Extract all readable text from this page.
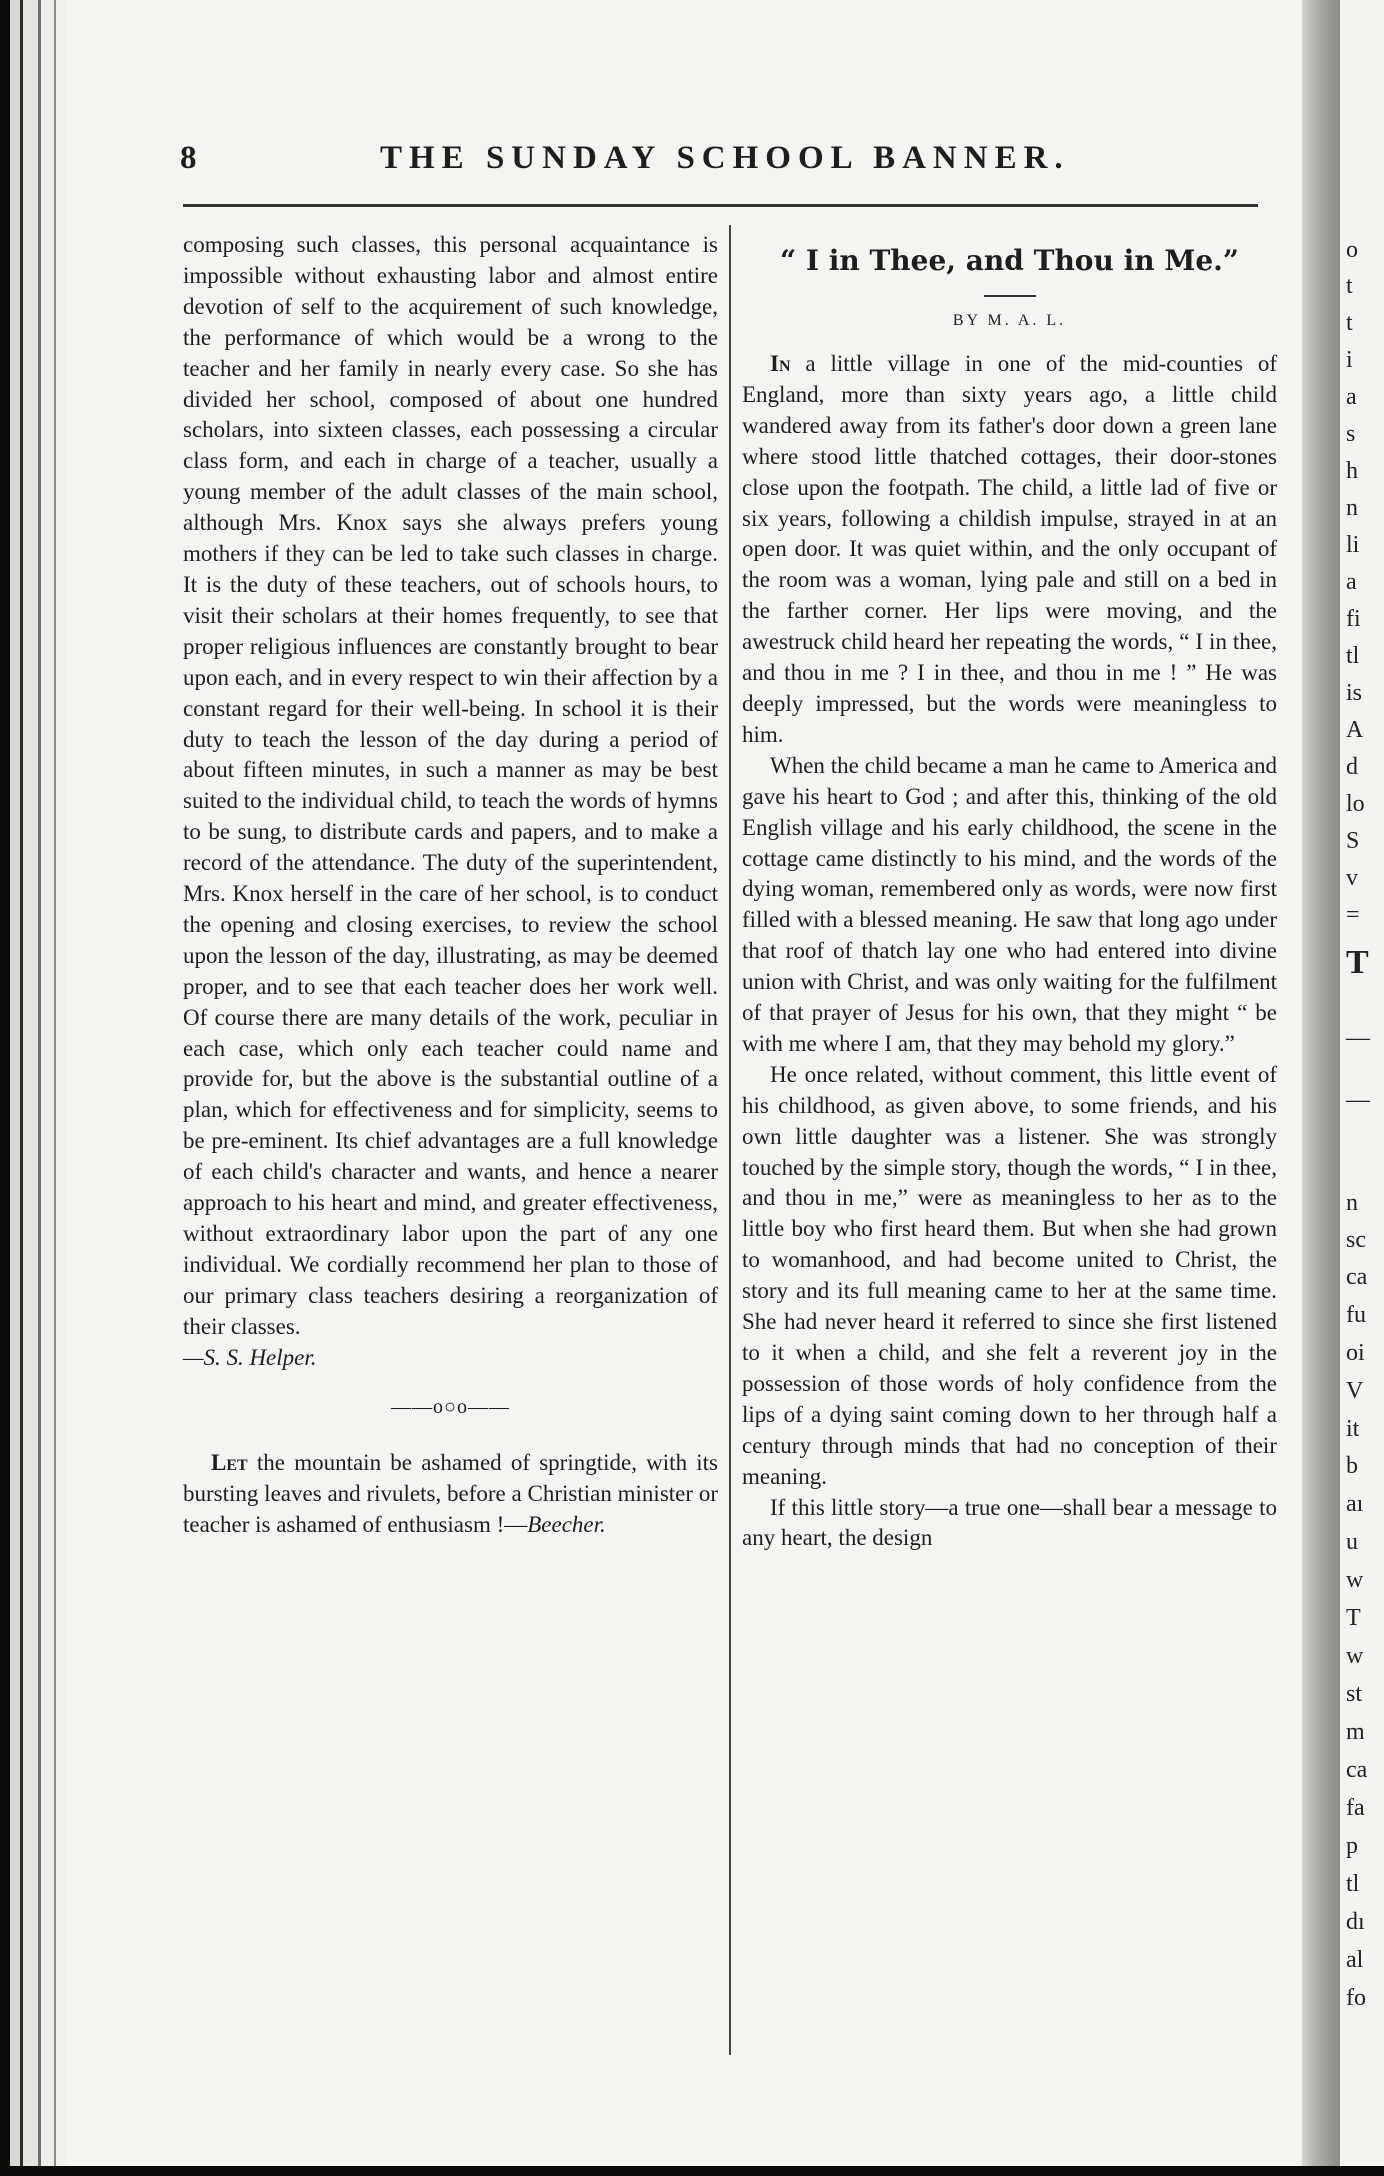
8	THE SUNDAY SCHOOL BANNER.

composing such classes, this personal acquaintance is impossible without exhausting labor and almost entire devotion of self to the acquirement of such knowledge, the performance of which would be a wrong to the teacher and her family in nearly every case. So she has divided her school, composed of about one hundred scholars, into sixteen classes, each possessing a circular class form, and each in charge of a teacher, usually a young member of the adult classes of the main school, although Mrs. Knox says she always prefers young mothers if they can be led to take such classes in charge. It is the duty of these teachers, out of schools hours, to visit their scholars at their homes frequently, to see that proper religious influences are constantly brought to bear upon each, and in every respect to win their affection by a constant regard for their well-being. In school it is their duty to teach the lesson of the day during a period of about fifteen minutes, in such a manner as may be best suited to the individual child, to teach the words of hymns to be sung, to distribute cards and papers, and to make a record of the attendance. The duty of the superintendent, Mrs. Knox herself in the care of her school, is to conduct the opening and closing exercises, to review the school upon the lesson of the day, illustrating, as may be deemed proper, and to see that each teacher does her work well. Of course there are many details of the work, peculiar in each case, which only each teacher could name and provide for, but the above is the substantial outline of a plan, which for effectiveness and for simplicity, seems to be pre-eminent. Its chief advantages are a full knowledge of each child's character and wants, and hence a nearer approach to his heart and mind, and greater effectiveness, without extraordinary labor upon the part of any one individual. We cordially recommend her plan to those of our primary class teachers desiring a reorganization of their classes.

—S. S. Helper.

——o○o——

Let the mountain be ashamed of springtide, with its bursting leaves and rivulets, before a Christian minister or teacher is ashamed of enthusiasm !—Beecher.

“ I in Thee, and Thou in Me.”
BY M. A. L.

In a little village in one of the mid-counties of England, more than sixty years ago, a little child wandered away from its father's door down a green lane where stood little thatched cottages, their door-stones close upon the footpath. The child, a little lad of five or six years, following a childish impulse, strayed in at an open door. It was quiet within, and the only occupant of the room was a woman, lying pale and still on a bed in the farther corner. Her lips were moving, and the awestruck child heard her repeating the words, “ I in thee, and thou in me ? I in thee, and thou in me ! ” He was deeply impressed, but the words were meaningless to him.

When the child became a man he came to America and gave his heart to God ; and after this, thinking of the old English village and his early childhood, the scene in the cottage came distinctly to his mind, and the words of the dying woman, remembered only as words, were now first filled with a blessed meaning. He saw that long ago under that roof of thatch lay one who had entered into divine union with Christ, and was only waiting for the fulfilment of that prayer of Jesus for his own, that they might “ be with me where I am, that they may behold my glory.”

He once related, without comment, this little event of his childhood, as given above, to some friends, and his own little daughter was a listener. She was strongly touched by the simple story, though the words, “ I in thee, and thou in me,” were as meaningless to her as to the little boy who first heard them. But when she had grown to womanhood, and had become united to Christ, the story and its full meaning came to her at the same time. She had never heard it referred to since she first listened to it when a child, and she felt a reverent joy in the possession of those words of holy confidence from the lips of a dying saint coming down to her through half a century through minds that had no conception of their meaning.

If this little story—a true one—shall bear a message to any heart, the design

o
t
t
i
a
s
h
n
li
a
fi
tl
is
A
d
lo
S
v
=
T
—
—
n
sc
ca
fu
oi
V
it
b
aı
u
w
T
w
st
m
ca
fa
p
tl
dı
al
fo
